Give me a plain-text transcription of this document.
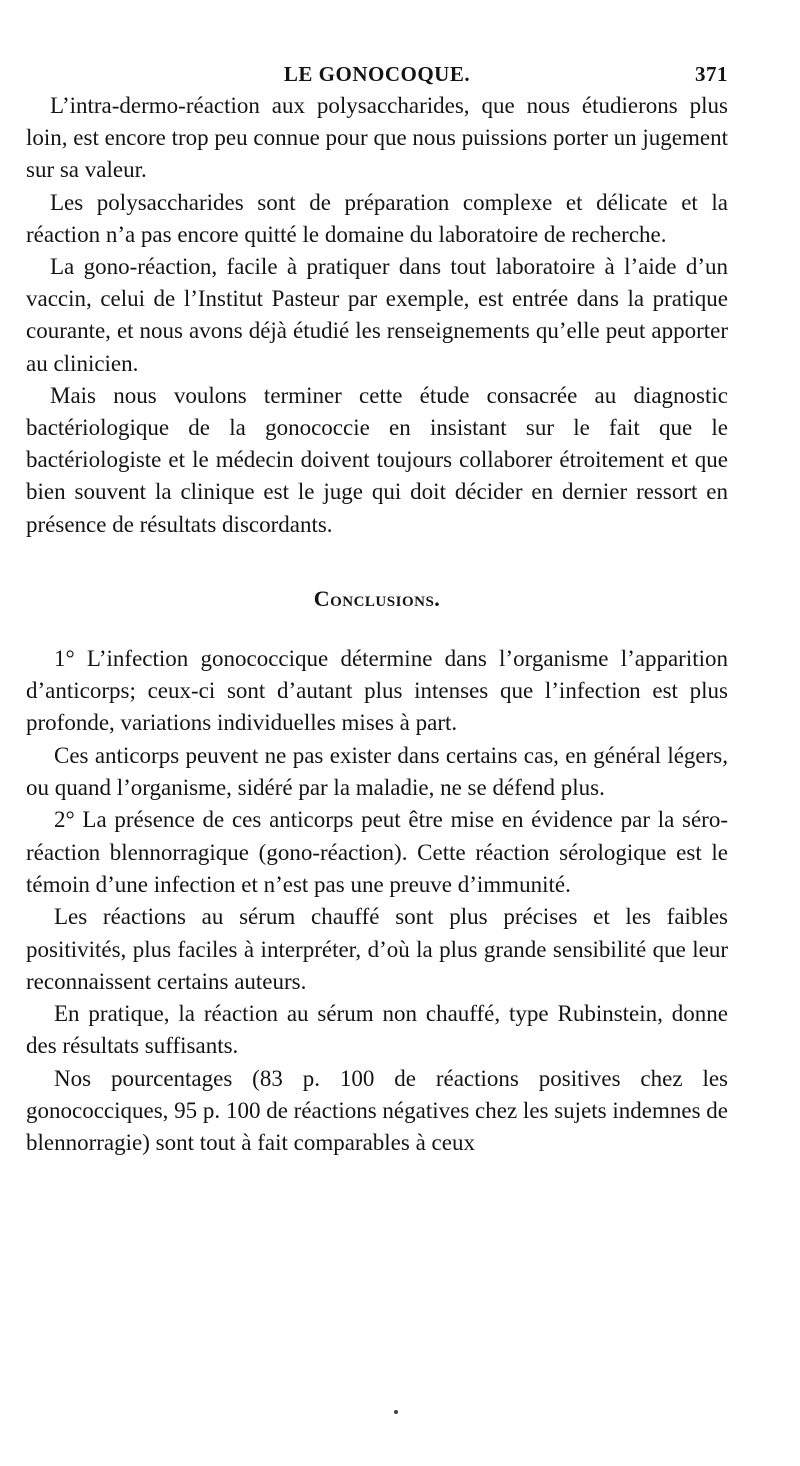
LE GONOCOQUE.	371

L’intra-dermo-réaction aux polysaccharides, que nous étudierons plus loin, est encore trop peu connue pour que nous puissions porter un jugement sur sa valeur.

Les polysaccharides sont de préparation complexe et délicate et la réaction n’a pas encore quitté le domaine du laboratoire de recherche.

La gono-réaction, facile à pratiquer dans tout laboratoire à l’aide d’un vaccin, celui de l’Institut Pasteur par exemple, est entrée dans la pratique courante, et nous avons déjà étudié les renseignements qu’elle peut apporter au clinicien.

Mais nous voulons terminer cette étude consacrée au diagnostic bactériologique de la gonococcie en insistant sur le fait que le bactériologiste et le médecin doivent toujours collaborer étroitement et que bien souvent la clinique est le juge qui doit décider en dernier ressort en présence de résultats discordants.

Conclusions.

1° L’infection gonococcique détermine dans l’organisme l’apparition d’anticorps; ceux-ci sont d’autant plus intenses que l’infection est plus profonde, variations individuelles mises à part.

Ces anticorps peuvent ne pas exister dans certains cas, en général légers, ou quand l’organisme, sidéré par la maladie, ne se défend plus.

2° La présence de ces anticorps peut être mise en évidence par la séro-réaction blennorragique (gono-réaction). Cette réaction sérologique est le témoin d’une infection et n’est pas une preuve d’immunité.

Les réactions au sérum chauffé sont plus précises et les faibles positivités, plus faciles à interpréter, d’où la plus grande sensibilité que leur reconnaissent certains auteurs.

En pratique, la réaction au sérum non chauffé, type Rubinstein, donne des résultats suffisants.

Nos pourcentages (83 p. 100 de réactions positives chez les gonococciques, 95 p. 100 de réactions négatives chez les sujets indemnes de blennorragie) sont tout à fait comparables à ceux
